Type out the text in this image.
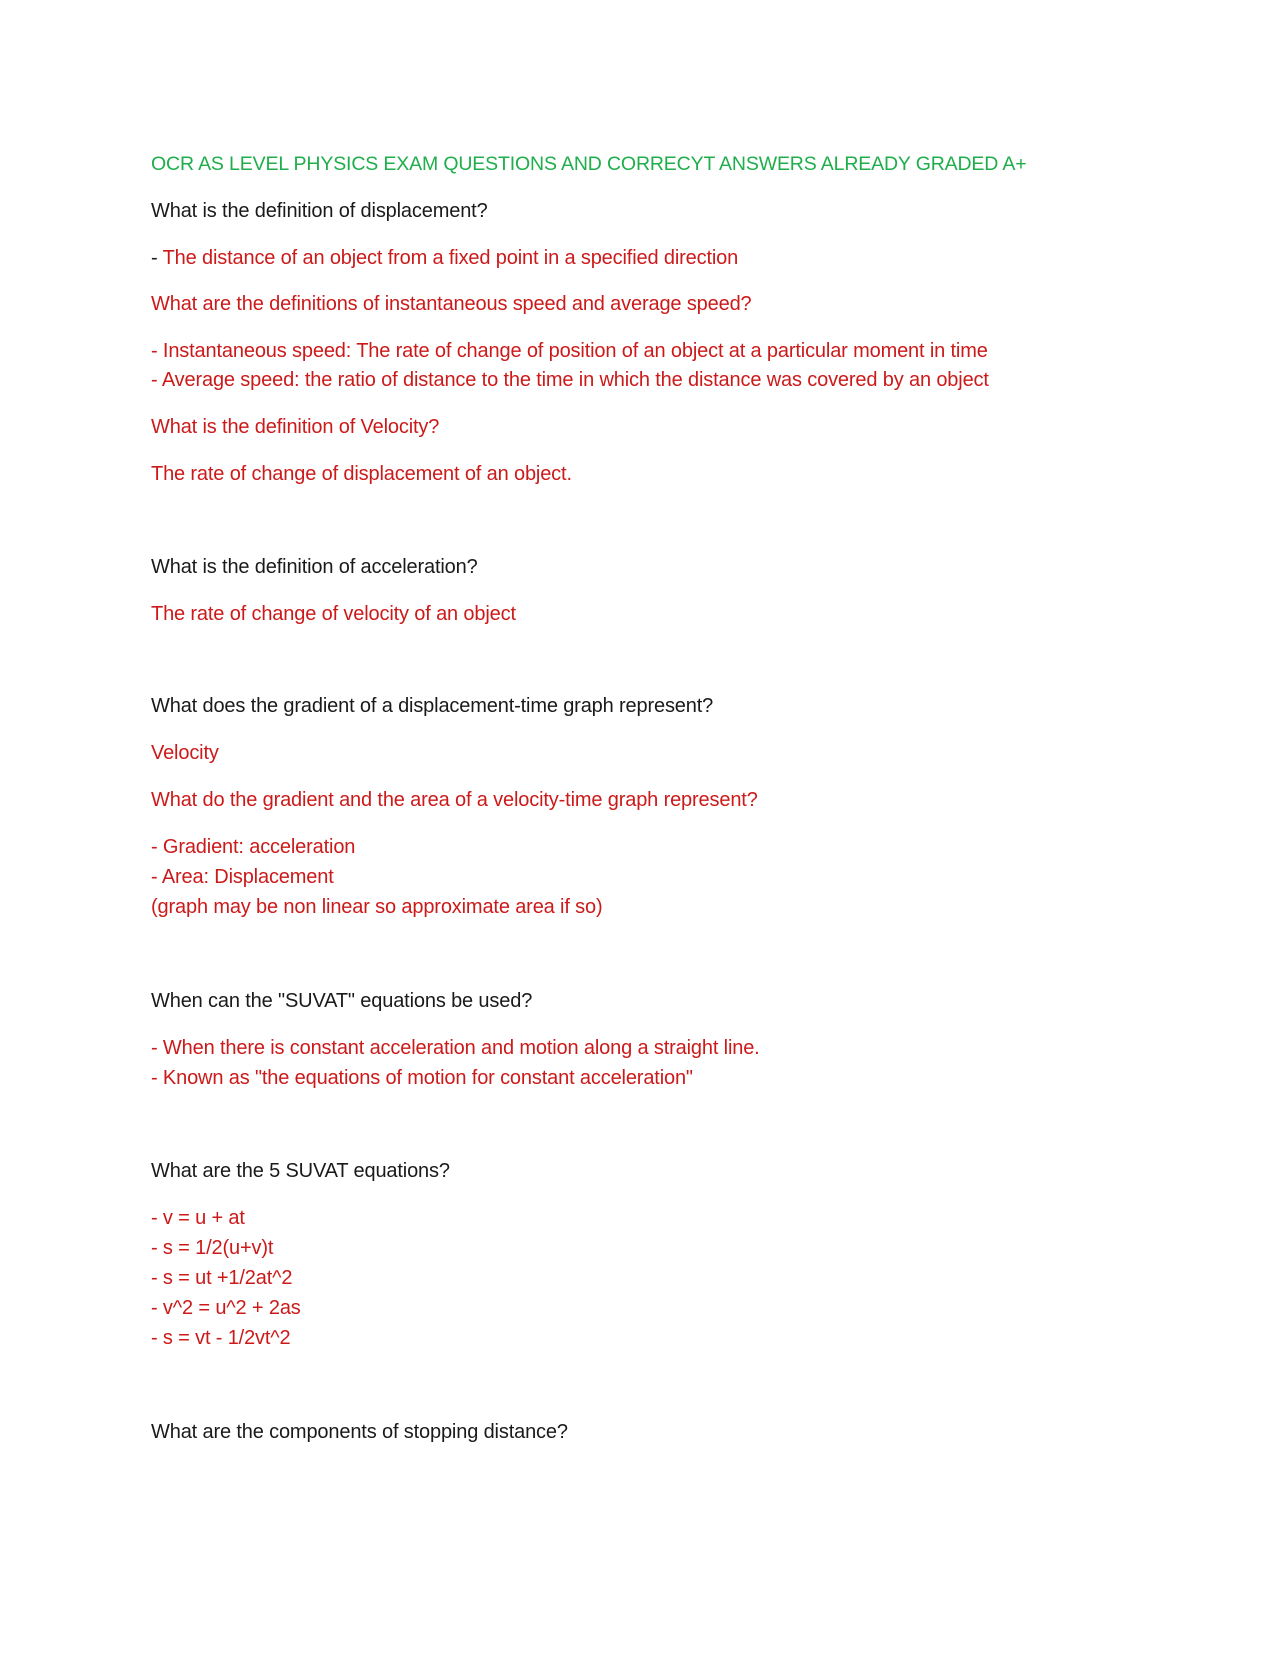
OCR AS LEVEL PHYSICS EXAM QUESTIONS AND CORRECYT ANSWERS ALREADY GRADED A+
What is the definition of displacement?
- The distance of an object from a fixed point in a specified direction
What are the definitions of instantaneous speed and average speed?
- Instantaneous speed: The rate of change of position of an object at a particular moment in time
- Average speed: the ratio of distance to the time in which the distance was covered by an object
What is the definition of Velocity?
The rate of change of displacement of an object.
What is the definition of acceleration?
The rate of change of velocity of an object
What does the gradient of a displacement-time graph represent?
Velocity
What do the gradient and the area of a velocity-time graph represent?
- Gradient: acceleration
- Area: Displacement
(graph may be non linear so approximate area if so)
When can the "SUVAT" equations be used?
- When there is constant acceleration and motion along a straight line.
- Known as "the equations of motion for constant acceleration"
What are the 5 SUVAT equations?
- v = u + at
- s = 1/2(u+v)t
- s = ut +1/2at^2
- v^2 = u^2 + 2as
- s = vt - 1/2vt^2
What are the components of stopping distance?
